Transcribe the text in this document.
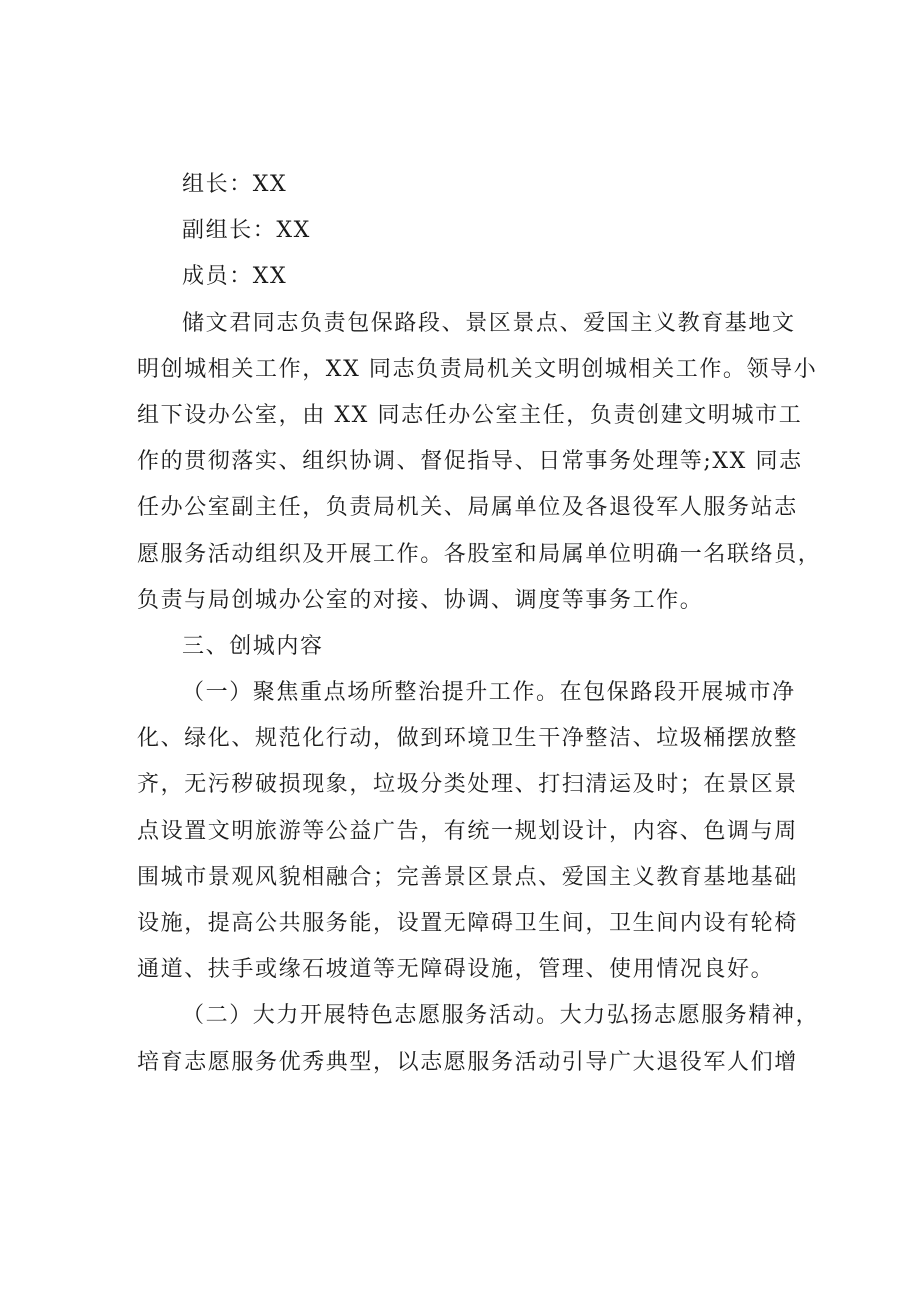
组长：XX
副组长：XX
成员：XX
储文君同志负责包保路段、景区景点、爱国主义教育基地文
明创城相关工作，XX 同志负责局机关文明创城相关工作。领导小
组下设办公室，由 XX 同志任办公室主任，负责创建文明城市工
作的贯彻落实、组织协调、督促指导、日常事务处理等;XX 同志
任办公室副主任，负责局机关、局属单位及各退役军人服务站志
愿服务活动组织及开展工作。各股室和局属单位明确一名联络员，
负责与局创城办公室的对接、协调、调度等事务工作。
三、创城内容
（一）聚焦重点场所整治提升工作。在包保路段开展城市净
化、绿化、规范化行动，做到环境卫生干净整洁、垃圾桶摆放整
齐，无污秽破损现象，垃圾分类处理、打扫清运及时；在景区景
点设置文明旅游等公益广告，有统一规划设计，内容、色调与周
围城市景观风貌相融合；完善景区景点、爱国主义教育基地基础
设施，提高公共服务能，设置无障碍卫生间，卫生间内设有轮椅
通道、扶手或缘石坡道等无障碍设施，管理、使用情况良好。
（二）大力开展特色志愿服务活动。大力弘扬志愿服务精神，
培育志愿服务优秀典型，以志愿服务活动引导广大退役军人们增
